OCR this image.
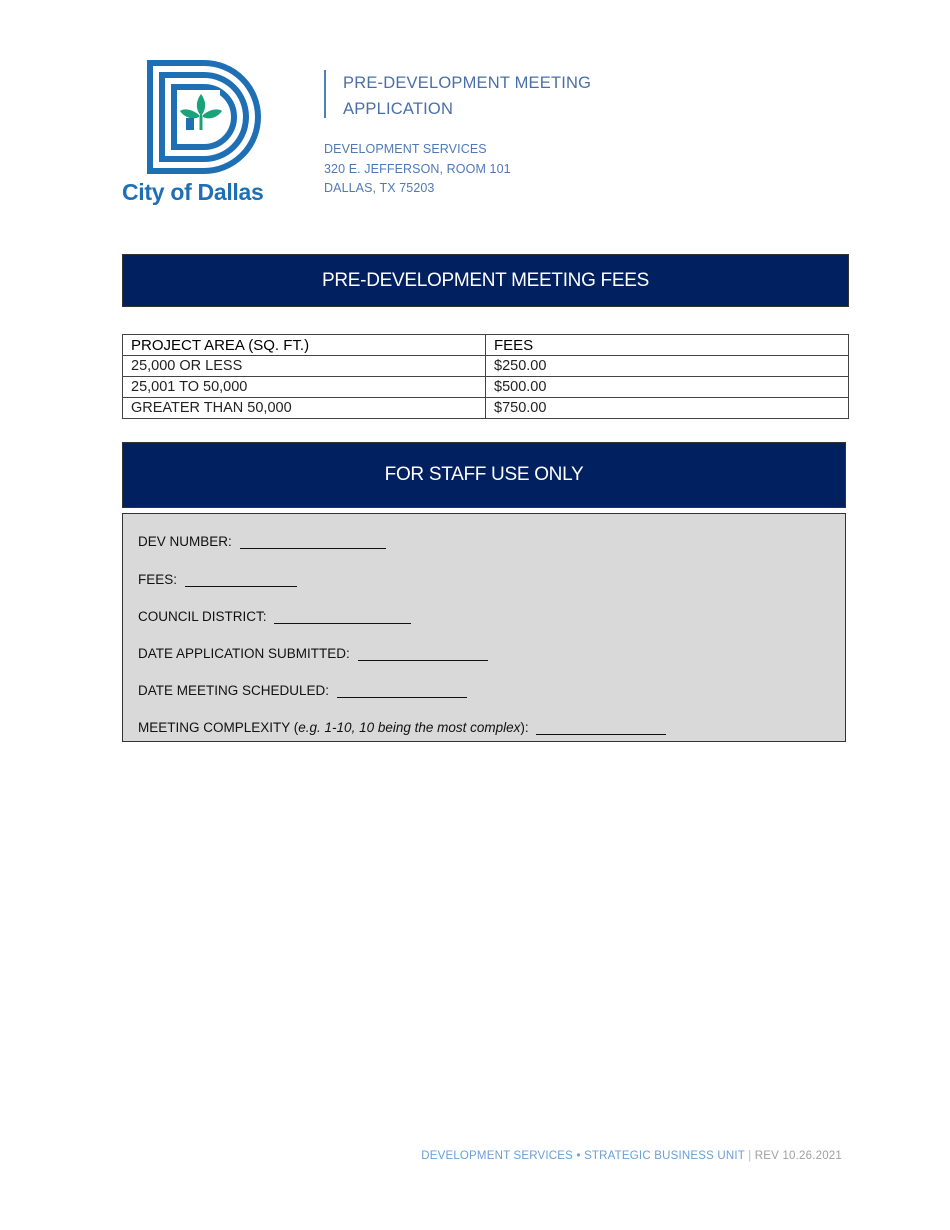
City of Dallas
PRE-DEVELOPMENT MEETING
APPLICATION
DEVELOPMENT SERVICES
320 E. JEFFERSON, ROOM 101
DALLAS, TX 75203
PRE-DEVELOPMENT MEETING FEES
PROJECT AREA (SQ. FT.)	FEES
25,000 OR LESS	$250.00
25,001 TO 50,000	$500.00
GREATER THAN 50,000	$750.00
FOR STAFF USE ONLY
DEV NUMBER:
FEES:
COUNCIL DISTRICT:
DATE APPLICATION SUBMITTED:
DATE MEETING SCHEDULED:
MEETING COMPLEXITY (e.g. 1-10, 10 being the most complex):
DEVELOPMENT SERVICES • STRATEGIC BUSINESS UNIT | REV 10.26.2021
